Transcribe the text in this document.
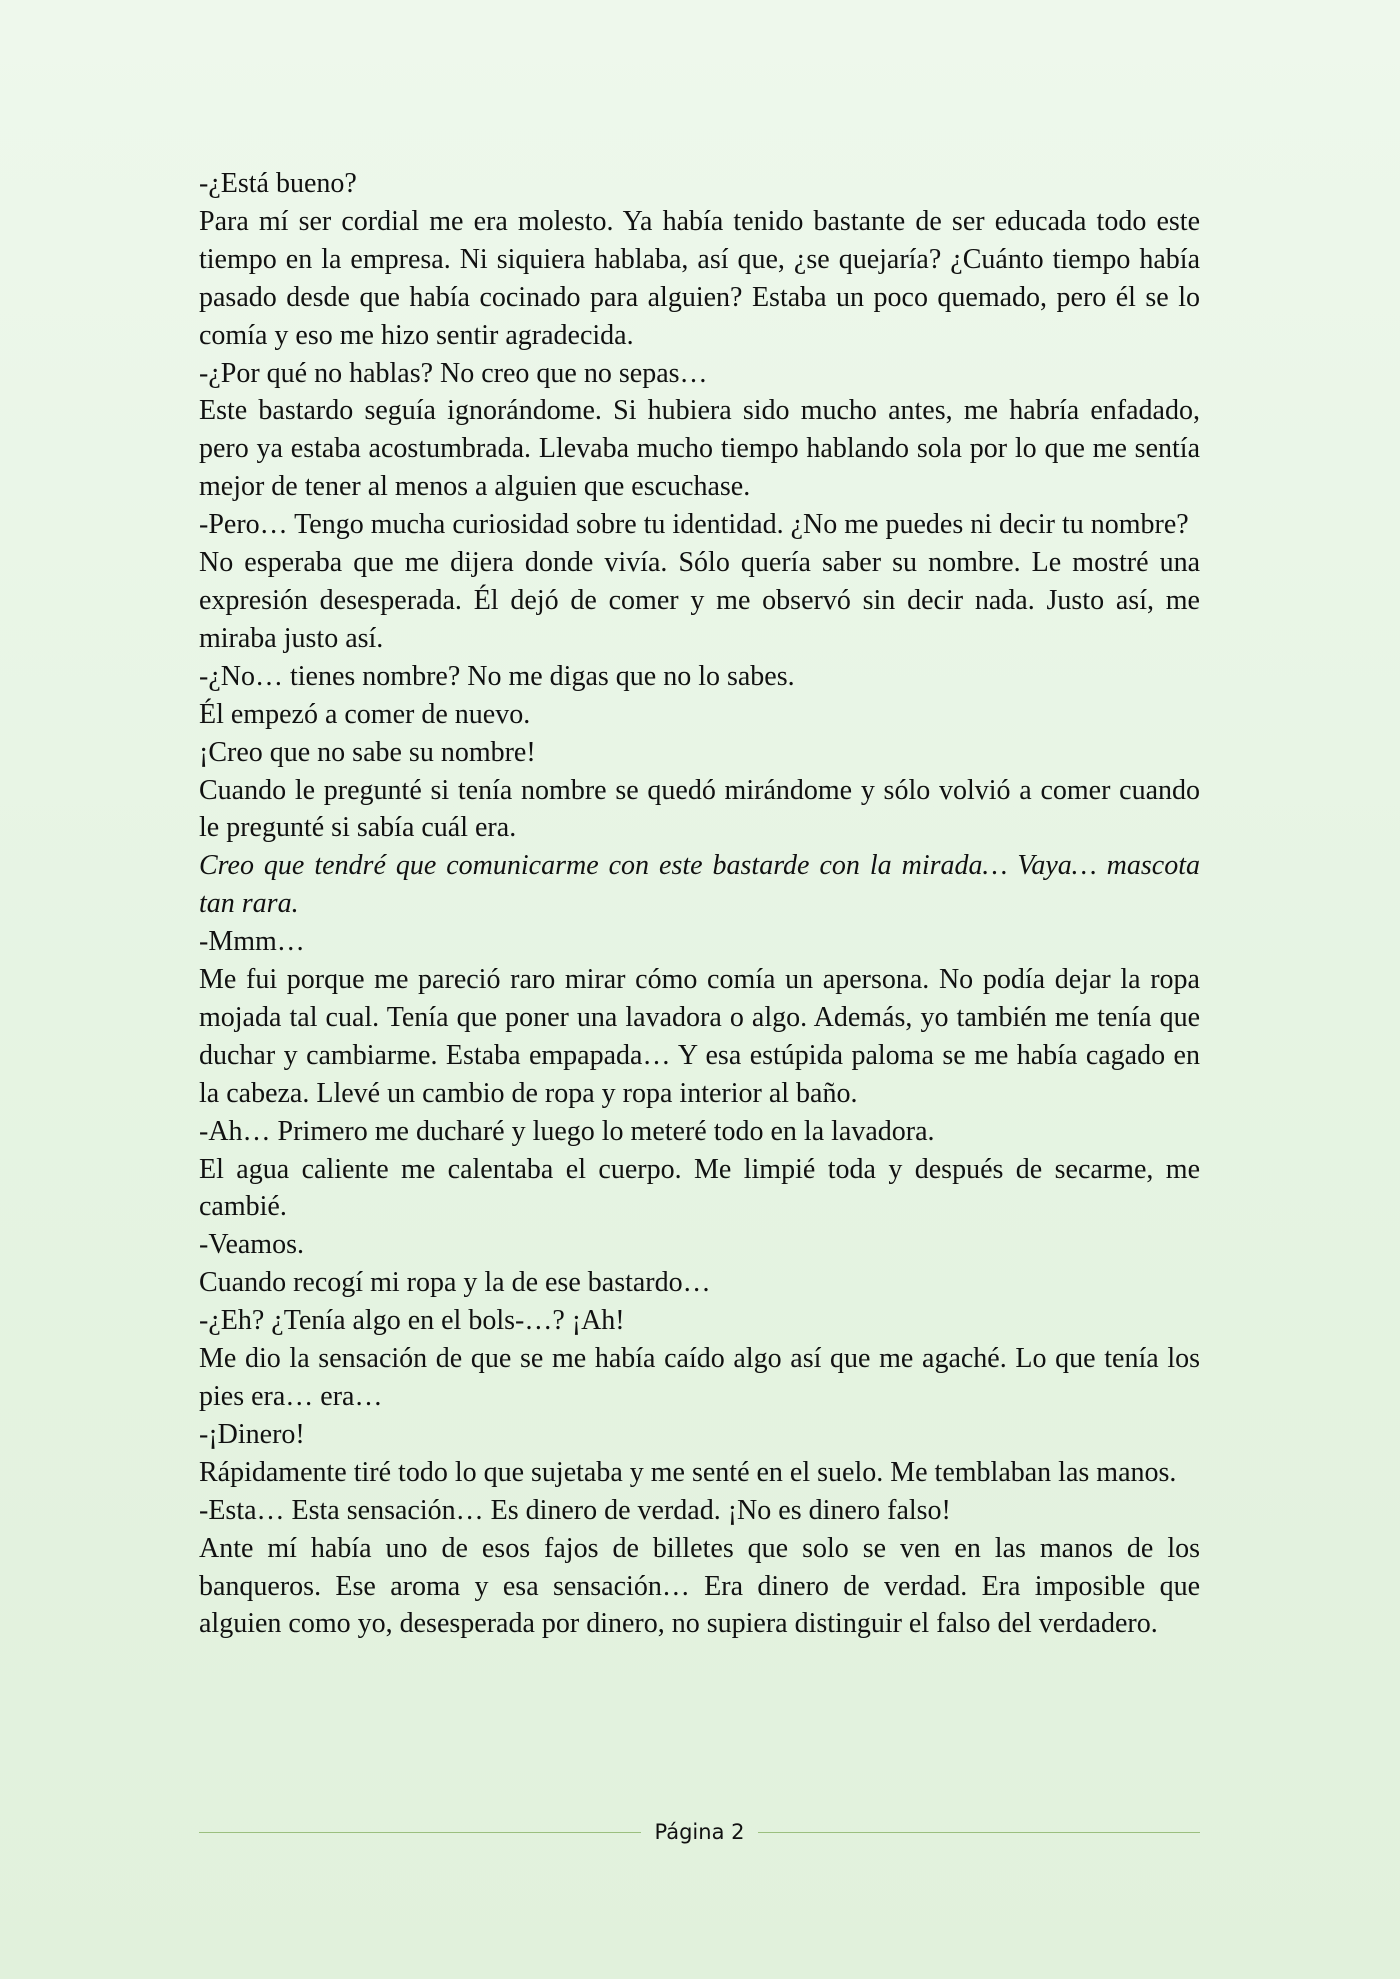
-¿Está bueno?

Para mí ser cordial me era molesto. Ya había tenido bastante de ser educada todo este tiempo en la empresa. Ni siquiera hablaba, así que, ¿se quejaría? ¿Cuánto tiempo había pasado desde que había cocinado para alguien? Estaba un poco quemado, pero él se lo comía y eso me hizo sentir agradecida.

-¿Por qué no hablas? No creo que no sepas…

Este bastardo seguía ignorándome. Si hubiera sido mucho antes, me habría enfadado, pero ya estaba acostumbrada. Llevaba mucho tiempo hablando sola por lo que me sentía mejor de tener al menos a alguien que escuchase.

-Pero… Tengo mucha curiosidad sobre tu identidad. ¿No me puedes ni decir tu nombre?

No esperaba que me dijera donde vivía. Sólo quería saber su nombre. Le mostré una expresión desesperada. Él dejó de comer y me observó sin decir nada. Justo así, me miraba justo así.

-¿No… tienes nombre? No me digas que no lo sabes.

Él empezó a comer de nuevo.

¡Creo que no sabe su nombre!

Cuando le pregunté si tenía nombre se quedó mirándome y sólo volvió a comer cuando le pregunté si sabía cuál era.

Creo que tendré que comunicarme con este bastarde con la mirada… Vaya… mascota tan rara.

-Mmm…

Me fui porque me pareció raro mirar cómo comía un apersona. No podía dejar la ropa mojada tal cual. Tenía que poner una lavadora o algo. Además, yo también me tenía que duchar y cambiarme. Estaba empapada… Y esa estúpida paloma se me había cagado en la cabeza. Llevé un cambio de ropa y ropa interior al baño.

-Ah… Primero me ducharé y luego lo meteré todo en la lavadora.

El agua caliente me calentaba el cuerpo. Me limpié toda y después de secarme, me cambié.

-Veamos.

Cuando recogí mi ropa y la de ese bastardo…

-¿Eh? ¿Tenía algo en el bols-…? ¡Ah!

Me dio la sensación de que se me había caído algo así que me agaché. Lo que tenía los pies era… era…

-¡Dinero!

Rápidamente tiré todo lo que sujetaba y me senté en el suelo. Me temblaban las manos.

-Esta… Esta sensación… Es dinero de verdad. ¡No es dinero falso!

Ante mí había uno de esos fajos de billetes que solo se ven en las manos de los banqueros. Ese aroma y esa sensación… Era dinero de verdad. Era imposible que alguien como yo, desesperada por dinero, no supiera distinguir el falso del verdadero.

Página 2
